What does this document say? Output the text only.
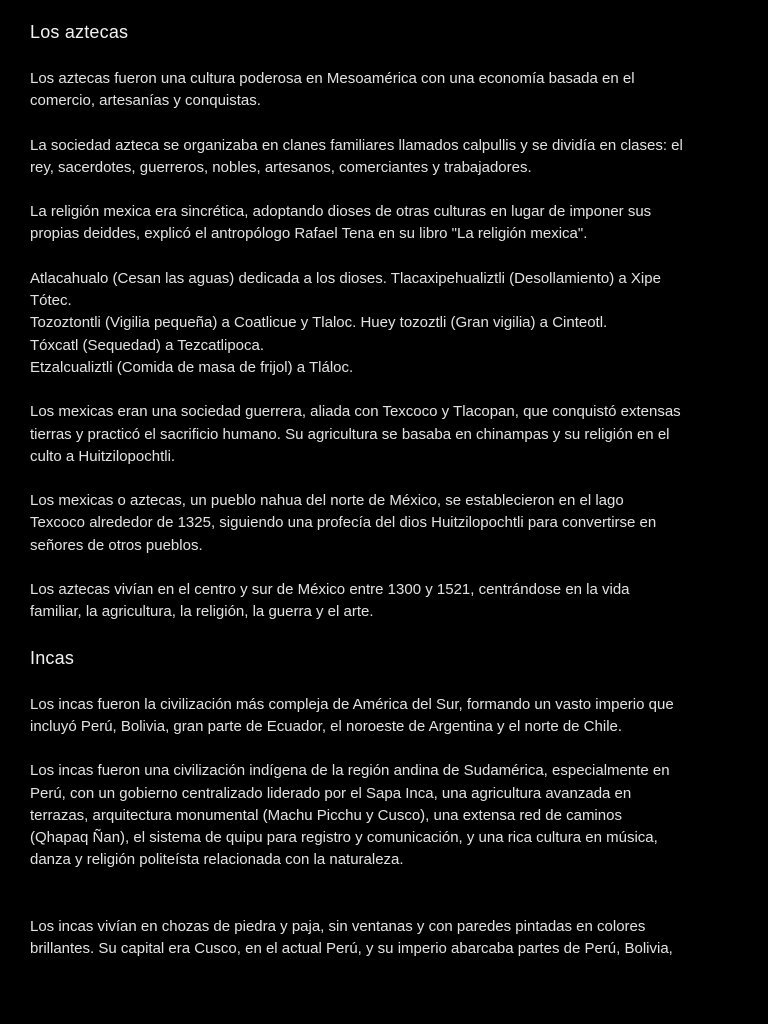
Los aztecas

Los aztecas fueron una cultura poderosa en Mesoamérica con una economía basada en el
comercio, artesanías y conquistas.

La sociedad azteca se organizaba en clanes familiares llamados calpullis y se dividía en clases: el
rey, sacerdotes, guerreros, nobles, artesanos, comerciantes y trabajadores.

La religión mexica era sincrética, adoptando dioses de otras culturas en lugar de imponer sus
propias deiddes, explicó el antropólogo Rafael Tena en su libro "La religión mexica".

Atlacahualo (Cesan las aguas) dedicada a los dioses. Tlacaxipehualiztli (Desollamiento) a Xipe
Tótec.
Tozoztontli (Vigilia pequeña) a Coatlicue y Tlaloc. Huey tozoztli (Gran vigilia) a Cinteotl.
Tóxcatl (Sequedad) a Tezcatlipoca.
Etzalcualiztli (Comida de masa de frijol) a Tláloc.

Los mexicas eran una sociedad guerrera, aliada con Texcoco y Tlacopan, que conquistó extensas
tierras y practicó el sacrificio humano. Su agricultura se basaba en chinampas y su religión en el
culto a Huitzilopochtli.

Los mexicas o aztecas, un pueblo nahua del norte de México, se establecieron en el lago
Texcoco alrededor de 1325, siguiendo una profecía del dios Huitzilopochtli para convertirse en
señores de otros pueblos.

Los aztecas vivían en el centro y sur de México entre 1300 y 1521, centrándose en la vida
familiar, la agricultura, la religión, la guerra y el arte.

Incas

Los incas fueron la civilización más compleja de América del Sur, formando un vasto imperio que
incluyó Perú, Bolivia, gran parte de Ecuador, el noroeste de Argentina y el norte de Chile.

Los incas fueron una civilización indígena de la región andina de Sudamérica, especialmente en
Perú, con un gobierno centralizado liderado por el Sapa Inca, una agricultura avanzada en
terrazas, arquitectura monumental (Machu Picchu y Cusco), una extensa red de caminos
(Qhapaq Ñan), el sistema de quipu para registro y comunicación, y una rica cultura en música,
danza y religión politeísta relacionada con la naturaleza.

Los incas vivían en chozas de piedra y paja, sin ventanas y con paredes pintadas en colores
brillantes. Su capital era Cusco, en el actual Perú, y su imperio abarcaba partes de Perú, Bolivia,
